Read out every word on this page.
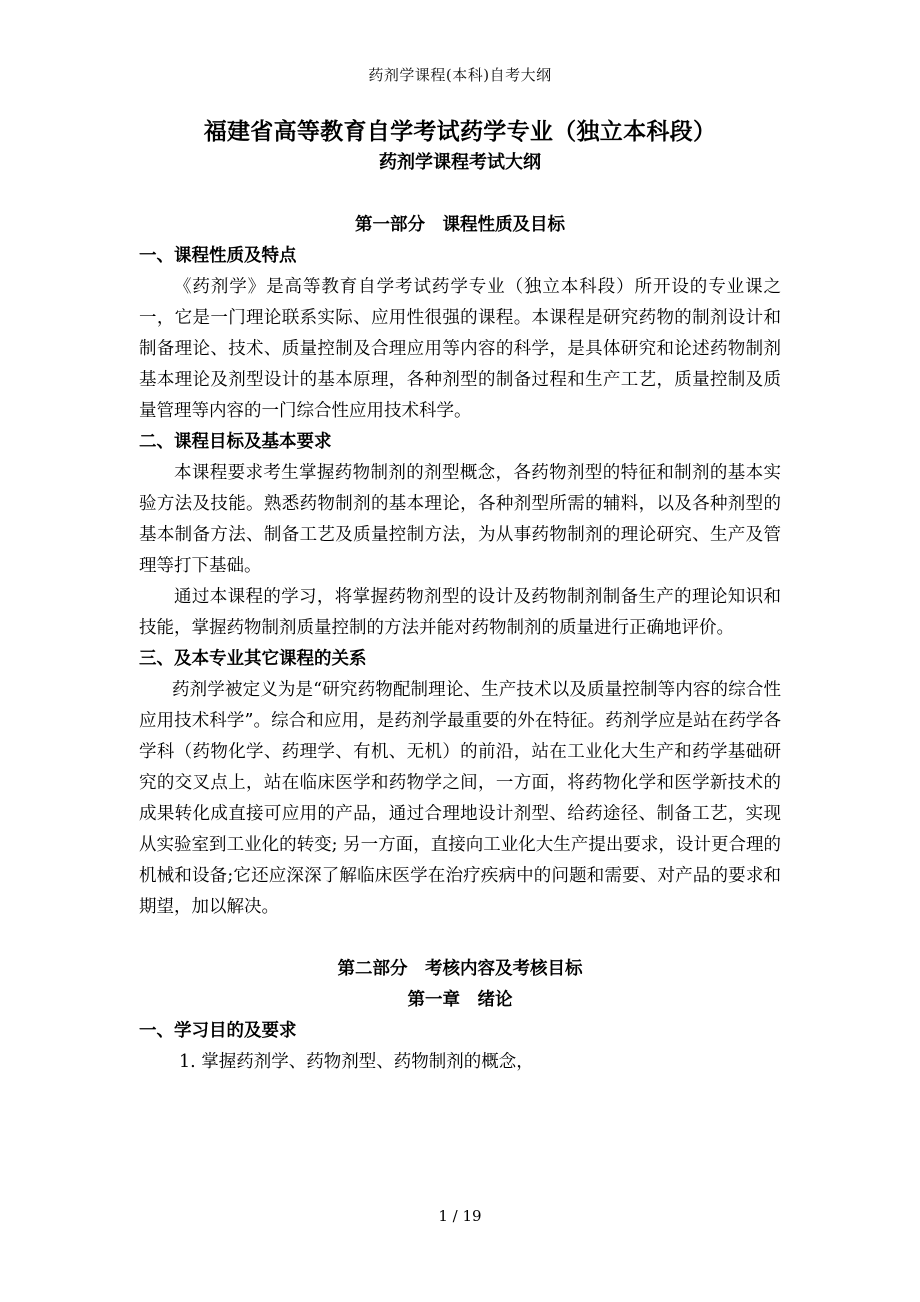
药剂学课程(本科)自考大纲
福建省高等教育自学考试药学专业（独立本科段）
药剂学课程考试大纲
第一部分　课程性质及目标
一、课程性质及特点

《药剂学》是高等教育自学考试药学专业（独立本科段）所开设的专业课之一，它是一门理论联系实际、应用性很强的课程。本课程是研究药物的制剂设计和制备理论、技术、质量控制及合理应用等内容的科学，是具体研究和论述药物制剂基本理论及剂型设计的基本原理，各种剂型的制备过程和生产工艺，质量控制及质量管理等内容的一门综合性应用技术科学。

二、课程目标及基本要求

本课程要求考生掌握药物制剂的剂型概念，各药物剂型的特征和制剂的基本实验方法及技能。熟悉药物制剂的基本理论，各种剂型所需的辅料，以及各种剂型的基本制备方法、制备工艺及质量控制方法，为从事药物制剂的理论研究、生产及管理等打下基础。

通过本课程的学习，将掌握药物剂型的设计及药物制剂制备生产的理论知识和技能，掌握药物制剂质量控制的方法并能对药物制剂的质量进行正确地评价。

三、及本专业其它课程的关系

药剂学被定义为是“研究药物配制理论、生产技术以及质量控制等内容的综合性应用技术科学”。综合和应用，是药剂学最重要的外在特征。药剂学应是站在药学各学科（药物化学、药理学、有机、无机）的前沿，站在工业化大生产和药学基础研究的交叉点上，站在临床医学和药物学之间，一方面，将药物化学和医学新技术的成果转化成直接可应用的产品，通过合理地设计剂型、给药途径、制备工艺，实现从实验室到工业化的转变; 另一方面，直接向工业化大生产提出要求，设计更合理的机械和设备;它还应深深了解临床医学在治疗疾病中的问题和需要、对产品的要求和期望，加以解决。

第二部分　考核内容及考核目标
第一章　绪论
一、学习目的及要求
1. 掌握药剂学、药物剂型、药物制剂的概念，
1 / 19
